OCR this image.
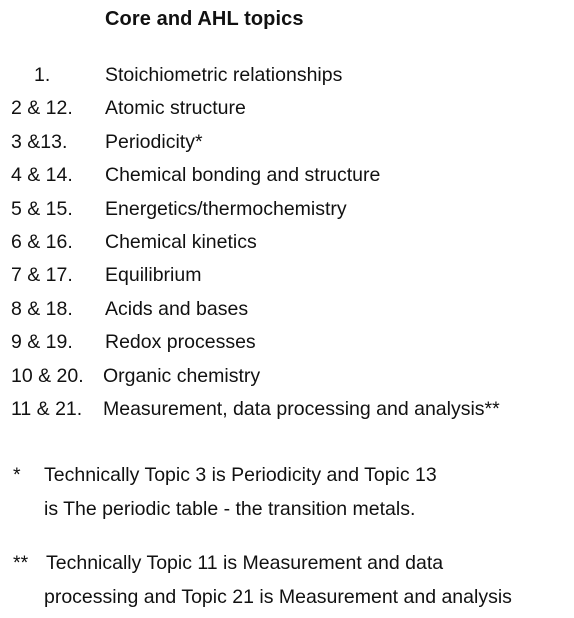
Core and AHL topics
1.	Stoichiometric relationships
2 & 12. Atomic structure
3 &13. Periodicity*
4 & 14. Chemical bonding and structure
5 & 15. Energetics/thermochemistry
6 & 16. Chemical kinetics
7 & 17. Equilibrium
8 & 18. Acids and bases
9 & 19. Redox processes
10 & 20. Organic chemistry
11 & 21. Measurement, data processing and analysis**
* Technically Topic 3 is Periodicity and Topic 13
is The periodic table - the transition metals.
** Technically Topic 11 is Measurement and data
processing and Topic 21 is Measurement and analysis
